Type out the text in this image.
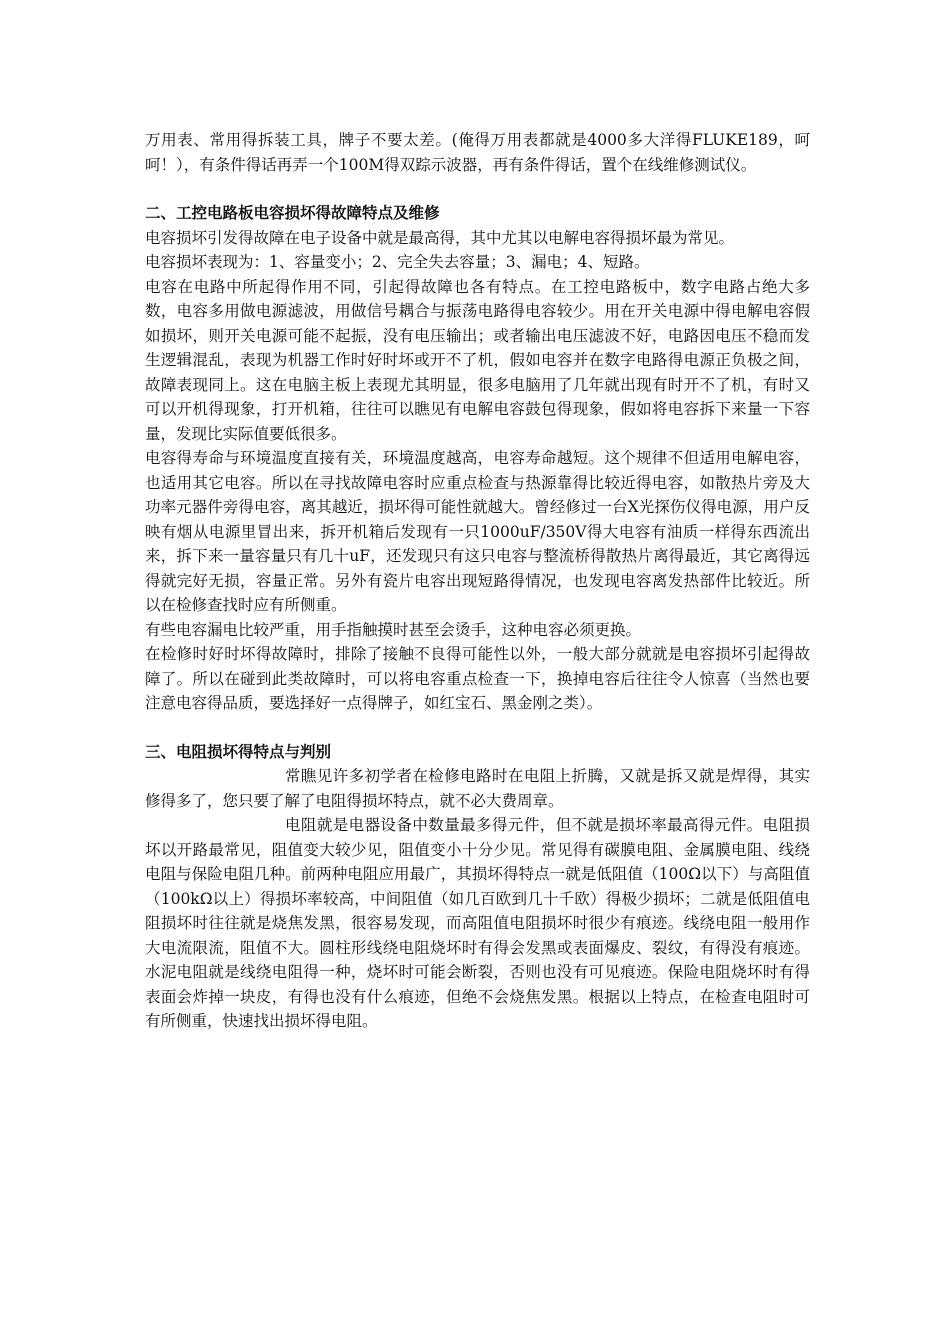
万用表、常用得拆装工具，牌子不要太差。(俺得万用表都就是4000多大洋得FLUKE189，呵呵！），有条件得话再弄一个100M得双踪示波器，再有条件得话，置个在线维修测试仪。

二、工控电路板电容损坏得故障特点及维修

电容损坏引发得故障在电子设备中就是最高得，其中尤其以电解电容得损坏最为常见。

电容损坏表现为：1、容量变小；2、完全失去容量；3、漏电；4、短路。

电容在电路中所起得作用不同，引起得故障也各有特点。在工控电路板中，数字电路占绝大多数，电容多用做电源滤波，用做信号耦合与振荡电路得电容较少。用在开关电源中得电解电容假如损坏，则开关电源可能不起振，没有电压输出；或者输出电压滤波不好，电路因电压不稳而发生逻辑混乱，表现为机器工作时好时坏或开不了机，假如电容并在数字电路得电源正负极之间，故障表现同上。这在电脑主板上表现尤其明显，很多电脑用了几年就出现有时开不了机，有时又可以开机得现象，打开机箱，往往可以瞧见有电解电容鼓包得现象，假如将电容拆下来量一下容量，发现比实际值要低很多。

电容得寿命与环境温度直接有关，环境温度越高，电容寿命越短。这个规律不但适用电解电容，也适用其它电容。所以在寻找故障电容时应重点检查与热源靠得比较近得电容，如散热片旁及大功率元器件旁得电容，离其越近，损坏得可能性就越大。曾经修过一台X光探伤仪得电源，用户反映有烟从电源里冒出来，拆开机箱后发现有一只1000uF/350V得大电容有油质一样得东西流出来，拆下来一量容量只有几十uF，还发现只有这只电容与整流桥得散热片离得最近，其它离得远得就完好无损，容量正常。另外有瓷片电容出现短路得情况，也发现电容离发热部件比较近。所以在检修查找时应有所侧重。

有些电容漏电比较严重，用手指触摸时甚至会烫手，这种电容必须更换。

在检修时好时坏得故障时，排除了接触不良得可能性以外，一般大部分就就是电容损坏引起得故障了。所以在碰到此类故障时，可以将电容重点检查一下，换掉电容后往往令人惊喜（当然也要注意电容得品质，要选择好一点得牌子，如红宝石、黑金刚之类）。

三、电阻损坏得特点与判别

常瞧见许多初学者在检修电路时在电阻上折腾，又就是拆又就是焊得，其实修得多了，您只要了解了电阻得损坏特点，就不必大费周章。

电阻就是电器设备中数量最多得元件，但不就是损坏率最高得元件。电阻损坏以开路最常见，阻值变大较少见，阻值变小十分少见。常见得有碳膜电阻、金属膜电阻、线绕电阻与保险电阻几种。前两种电阻应用最广，其损坏得特点一就是低阻值（100Ω以下）与高阻值（100kΩ以上）得损坏率较高，中间阻值（如几百欧到几十千欧）得极少损坏；二就是低阻值电阻损坏时往往就是烧焦发黑，很容易发现，而高阻值电阻损坏时很少有痕迹。线绕电阻一般用作大电流限流，阻值不大。圆柱形线绕电阻烧坏时有得会发黑或表面爆皮、裂纹，有得没有痕迹。水泥电阻就是线绕电阻得一种，烧坏时可能会断裂，否则也没有可见痕迹。保险电阻烧坏时有得表面会炸掉一块皮，有得也没有什么痕迹，但绝不会烧焦发黑。根据以上特点，在检查电阻时可有所侧重，快速找出损坏得电阻。
